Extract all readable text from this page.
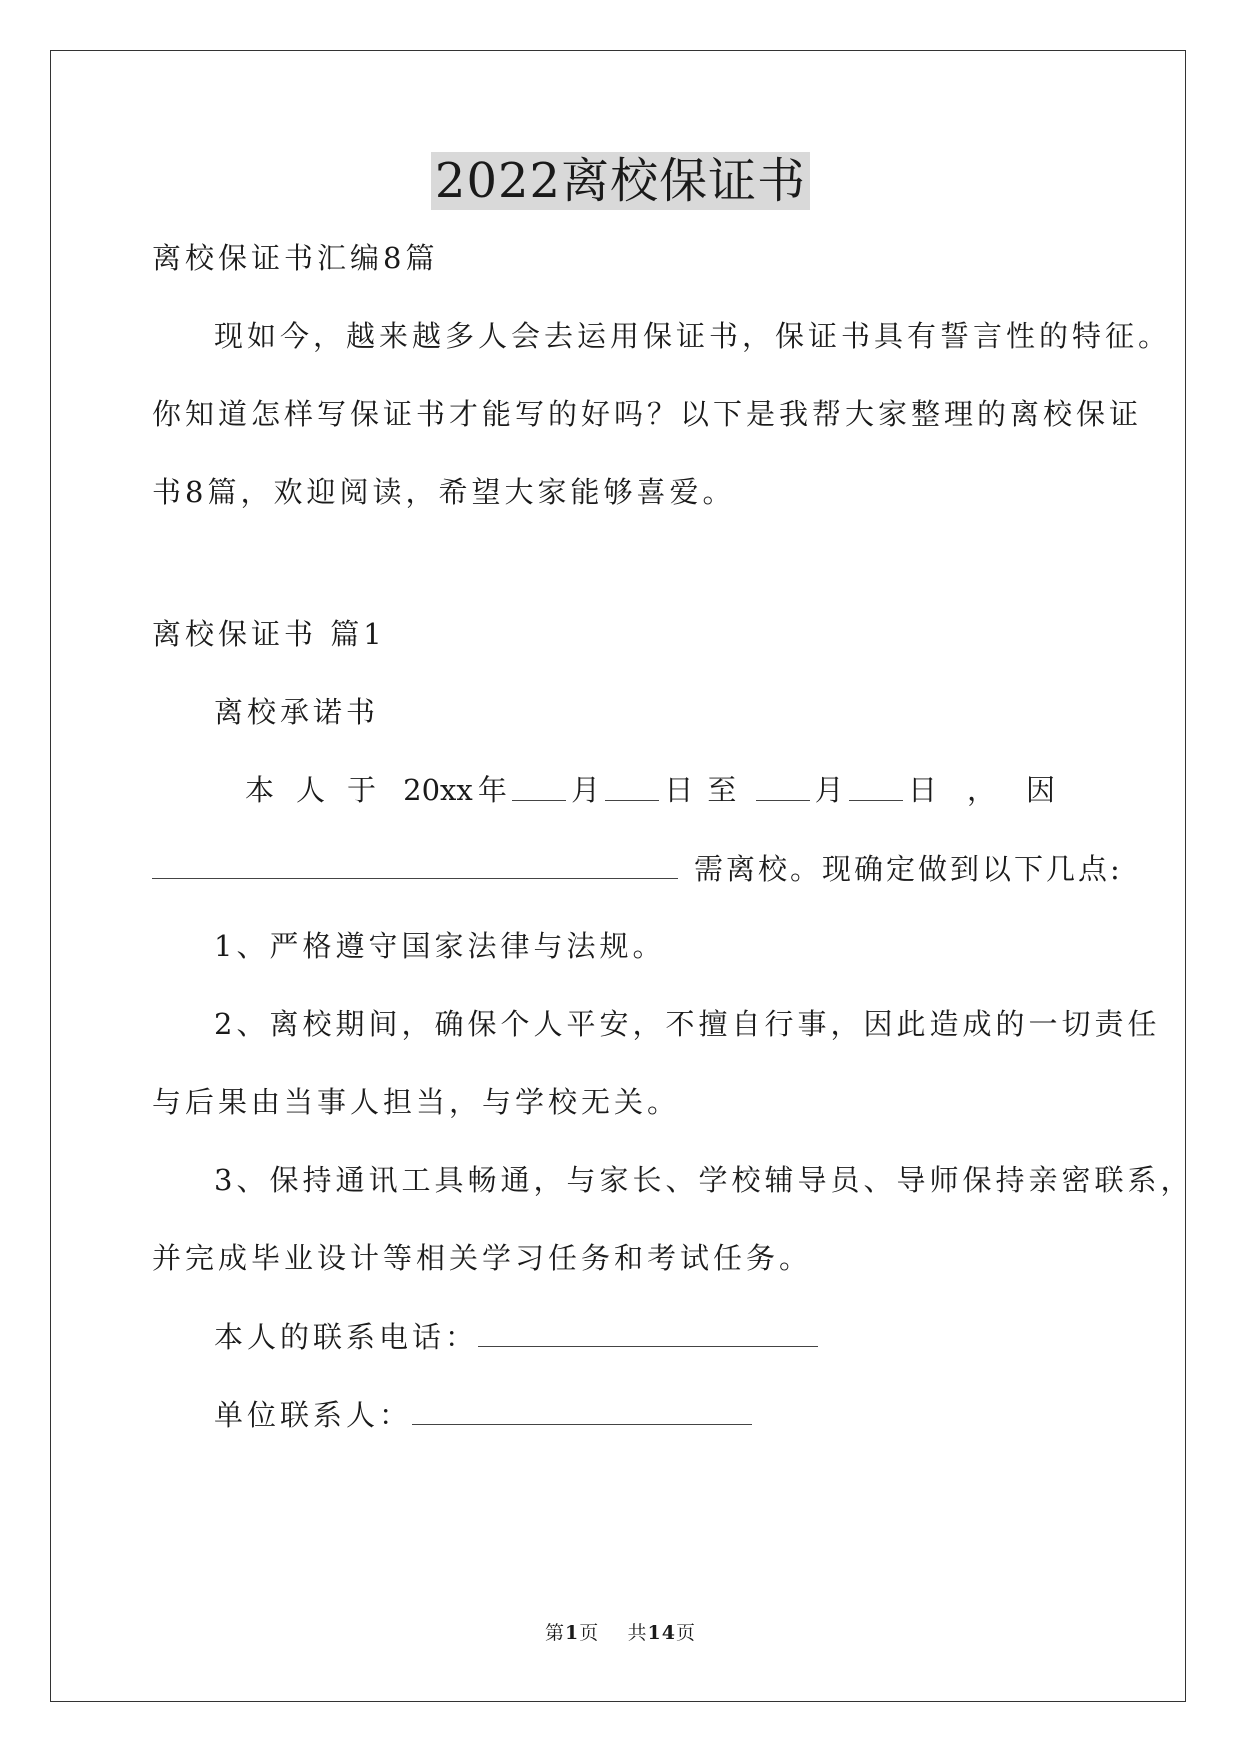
2022离校保证书
离校保证书汇编8篇
现如今，越来越多人会去运用保证书，保证书具有誓言性的特征。
你知道怎样写保证书才能写的好吗？以下是我帮大家整理的离校保证
书8篇，欢迎阅读，希望大家能够喜爱。
离校保证书 篇1
离校承诺书
本人于 20xx 年 月 日至 月 日，因
需离校。现确定做到以下几点:
1、严格遵守国家法律与法规。
2、离校期间，确保个人平安，不擅自行事，因此造成的一切责任
与后果由当事人担当，与学校无关。
3、保持通讯工具畅通，与家长、学校辅导员、导师保持亲密联系，
并完成毕业设计等相关学习任务和考试任务。
本人的联系电话：
单位联系人：
第1页 共14页
